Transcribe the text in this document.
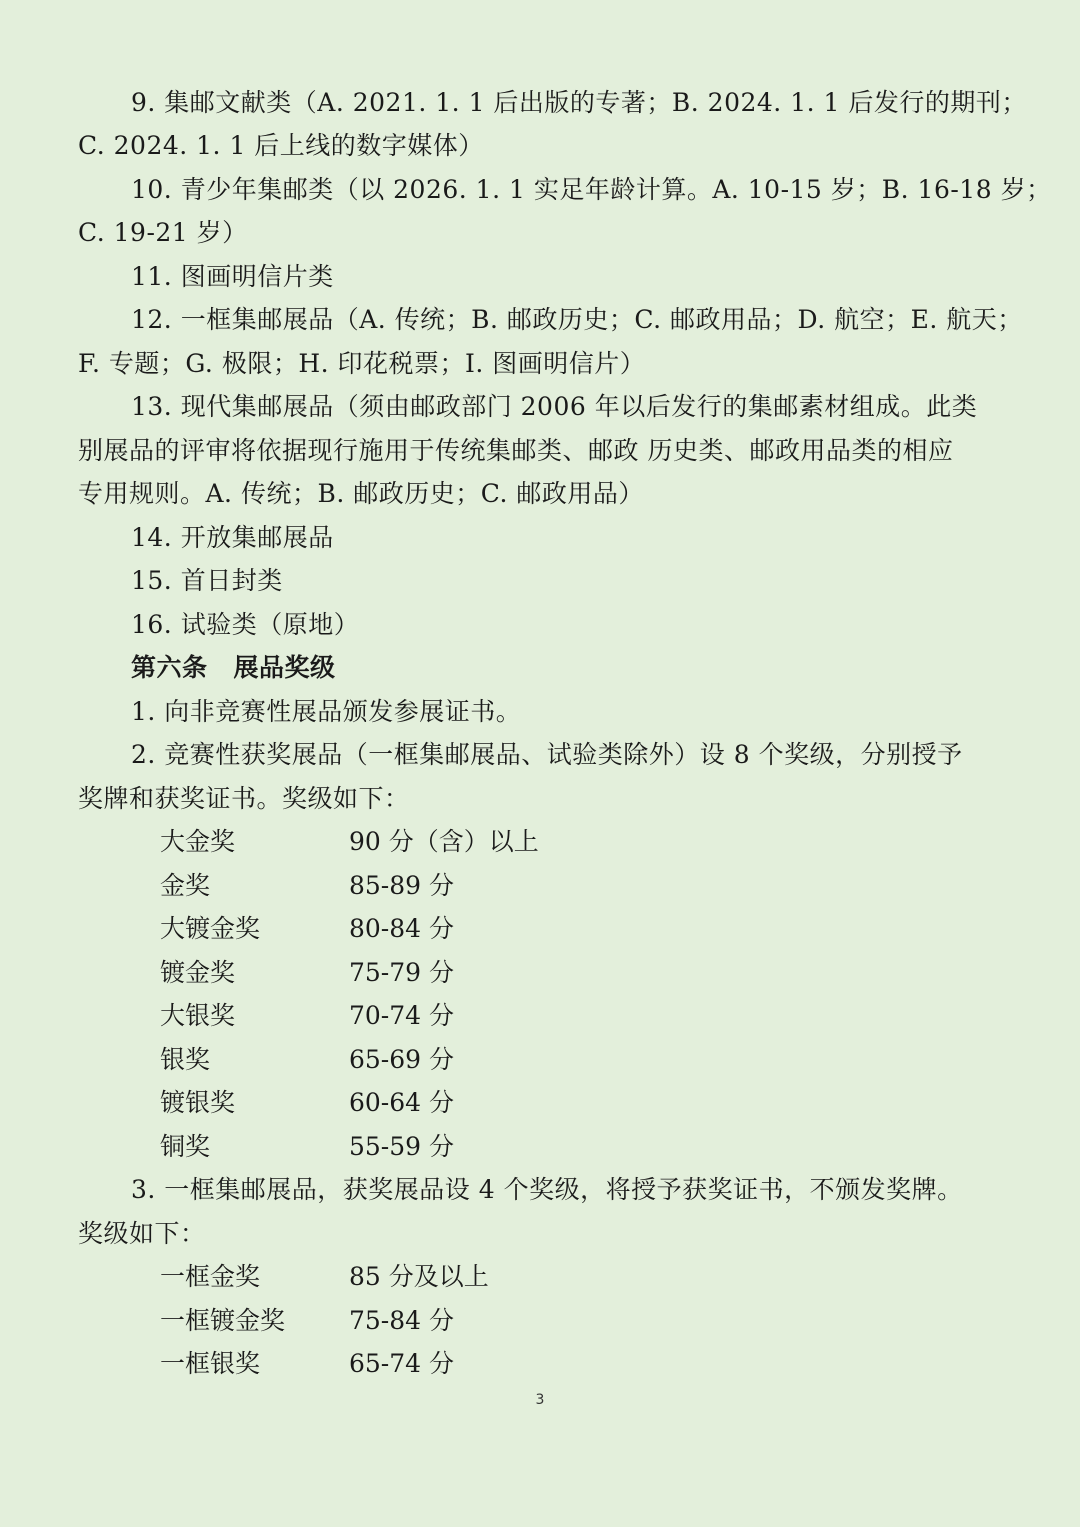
9. 集邮文献类（A. 2021. 1. 1 后出版的专著；B. 2024. 1. 1 后发行的期刊；
C. 2024. 1. 1 后上线的数字媒体）
10. 青少年集邮类（以 2026. 1. 1 实足年龄计算。A. 10-15 岁；B. 16-18 岁；
C. 19-21 岁）
11. 图画明信片类
12. 一框集邮展品（A. 传统；B. 邮政历史；C. 邮政用品；D. 航空；E. 航天；
F. 专题；G. 极限；H. 印花税票；I. 图画明信片）
13. 现代集邮展品（须由邮政部门 2006 年以后发行的集邮素材组成。此类
别展品的评审将依据现行施用于传统集邮类、邮政 历史类、邮政用品类的相应
专用规则。A. 传统；B. 邮政历史；C. 邮政用品）
14. 开放集邮展品
15. 首日封类
16. 试验类（原地）
第六条 展品奖级
1. 向非竞赛性展品颁发参展证书。
2. 竞赛性获奖展品（一框集邮展品、试验类除外）设 8 个奖级，分别授予
奖牌和获奖证书。奖级如下：
大金奖	90 分（含）以上
金奖	85-89 分
大镀金奖	80-84 分
镀金奖	75-79 分
大银奖	70-74 分
银奖	65-69 分
镀银奖	60-64 分
铜奖	55-59 分
3. 一框集邮展品，获奖展品设 4 个奖级，将授予获奖证书，不颁发奖牌。
奖级如下：
一框金奖	85 分及以上
一框镀金奖	75-84 分
一框银奖	65-74 分
3
